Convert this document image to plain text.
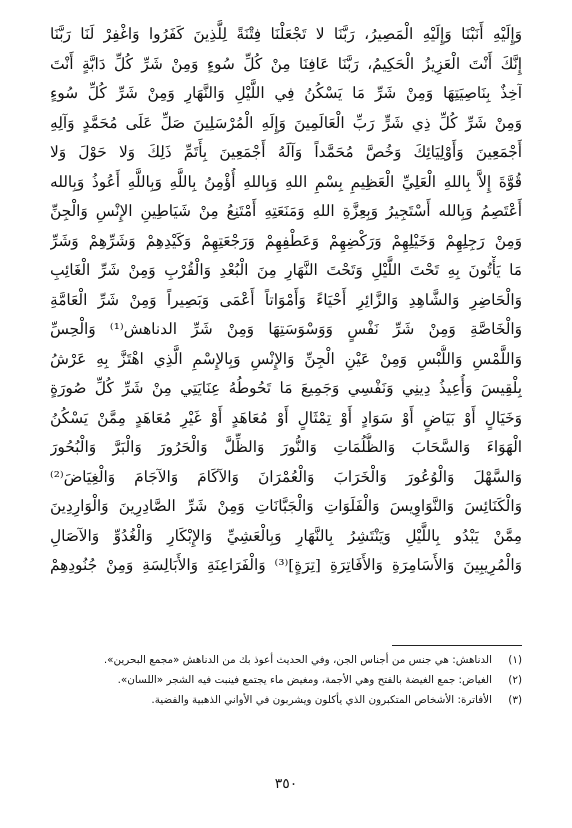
وَإِلَيْهِ أَنَبْنَا وَإِلَيْهِ الْمَصِيرُ، رَبَّنَا لا تَجْعَلْنَا فِتْنَةً لِلَّذِينَ كَفَرُوا وَاغْفِرْ لَنَا رَبَّنَا
إِنَّكَ أَنْتَ الْعَزِيزُ الْحَكِيمُ، رَبَّنَا عَافِنَا مِنْ كُلِّ سُوءٍ وَمِنْ شَرِّ كُلِّ دَابَّةٍ أَنْتَ
آخِذٌ بِنَاصِيَتِهَا وَمِنْ شَرِّ مَا يَسْكُنُ فِي اللَّيْلِ وَالنَّهَارِ وَمِنْ شَرِّ كُلِّ سُوءٍ
وَمِنْ شَرِّ كُلِّ ذِي شَرٍّ رَبِّ الْعَالَمِينَ وَإِلَهِ الْمُرْسَلِينَ صَلِّ عَلَى مُحَمَّدٍ وَآلِهِ
أَجْمَعِينَ وَأَوْلِيَائِكَ وَخُصَّ مُحَمَّداً وَآلَهُ أَجْمَعِينَ بِأَتَمِّ ذَلِكَ وَلا حَوْلَ وَلا
قُوَّةَ إِلاَّ بِاللهِ الْعَلِيِّ الْعَظِيمِ بِسْمِ اللهِ وَبِاللهِ أُؤْمِنُ بِاللَّهِ وَبِاللَّهِ أَعُوذُ وَبِالله
أَعْتَصِمُ وَبِالله أَسْتَجِيرُ وَبِعِزَّةِ اللهِ وَمَنَعَتِهِ أَمْتَنِعُ مِنْ شَيَاطِينِ الإِنْسِ وَالْجِنِّ
وَمِنْ رَجِلِهِمْ وَخَيْلِهِمْ وَرَكْضِهِمْ وَعَطْفِهِمْ وَرَجْعَتِهِمْ وَكَيْدِهِمْ وَشَرِّهِمْ وَشَرِّ
مَا يَأْتُونَ بِهِ تَحْتَ اللَّيْلِ وَتَحْتَ النَّهَارِ مِنَ الْبُعْدِ وَالْقُرْبِ وَمِنْ شَرِّ الْغَائِبِ
وَالْحَاضِرِ وَالشَّاهِدِ وَالزَّائِرِ أَحْيَاءً وَأَمْوَاتاً أَعْمَى وَبَصِيراً وَمِنْ شَرِّ الْعَامَّةِ
وَالْخَاصَّةِ وَمِنْ شَرِّ نَفْسٍ وَوَسْوَسَتِهَا وَمِنْ شَرِّ الدناهش⁽¹⁾ وَالْحِسِّ
وَاللَّمْسِ وَاللُّبْسِ وَمِنْ عَيْنِ الْجِنِّ وَالإِنْسِ وَبِالإِسْمِ الَّذِي اهْتَزَّ بِهِ عَرْشُ
بِلْقِيسَ وَأُعِيذُ دِينِي وَنَفْسِي وَجَمِيعَ مَا تَحُوطُهُ عِنَايَتِي مِنْ شَرِّ كُلِّ صُورَةٍ
وَخَيَالٍ أَوْ بَيَاضٍ أَوْ سَوَادٍ أَوْ تِمْثَالٍ أَوْ مُعَاهَدٍ أَوْ غَيْرِ مُعَاهَدٍ مِمَّنْ يَسْكُنُ
الْهَوَاءَ وَالسَّحَابَ وَالظُّلُمَاتِ وَالنُّورَ وَالظِّلَّ وَالْحَرُورَ وَالْبَرَّ وَالْبُحُورَ
وَالسَّهْلَ وَالْوُعُورَ وَالْخَرَابَ وَالْعُمْرَانَ وَالآكَامَ وَالآجَامَ وَالْغِيَاضَ⁽²⁾
وَالْكَنَائِسَ وَالنَّوَاوِيسَ وَالْفَلَوَاتِ وَالْجَبَّانَاتِ وَمِنْ شَرِّ الصَّادِرِينَ وَالْوَارِدِينَ
مِمَّنْ يَبْدُو بِاللَّيْلِ وَيَنْتَشِرُ بِالنَّهَارِ وَبِالْعَشِيِّ وَالإِبْكَارِ وَالْغُدُوِّ وَالآصَالِ
وَالْمُرِيبِينَ وَالأَسَامِرَةِ وَالأَفَاتِرَةِ [تِرَةٍ]⁽³⁾ وَالْفَرَاعِنَةِ وَالأَبَالِسَةِ وَمِنْ جُنُودِهِمْ
(١)
الدناهش: هي جنس من أجناس الجن، وفي الحديث أعوذ بك من الدناهش «مجمع البحرين».
(٢)
الغياض: جمع الغيضة بالفتح وهي الأجمة، ومغيض ماء يجتمع فينبت فيه الشجر «اللسان».
(٣)
الأفاترة: الأشخاص المتكبرون الذي يأكلون ويشربون في الأواني الذهبية والفضية.
٣٥٠
